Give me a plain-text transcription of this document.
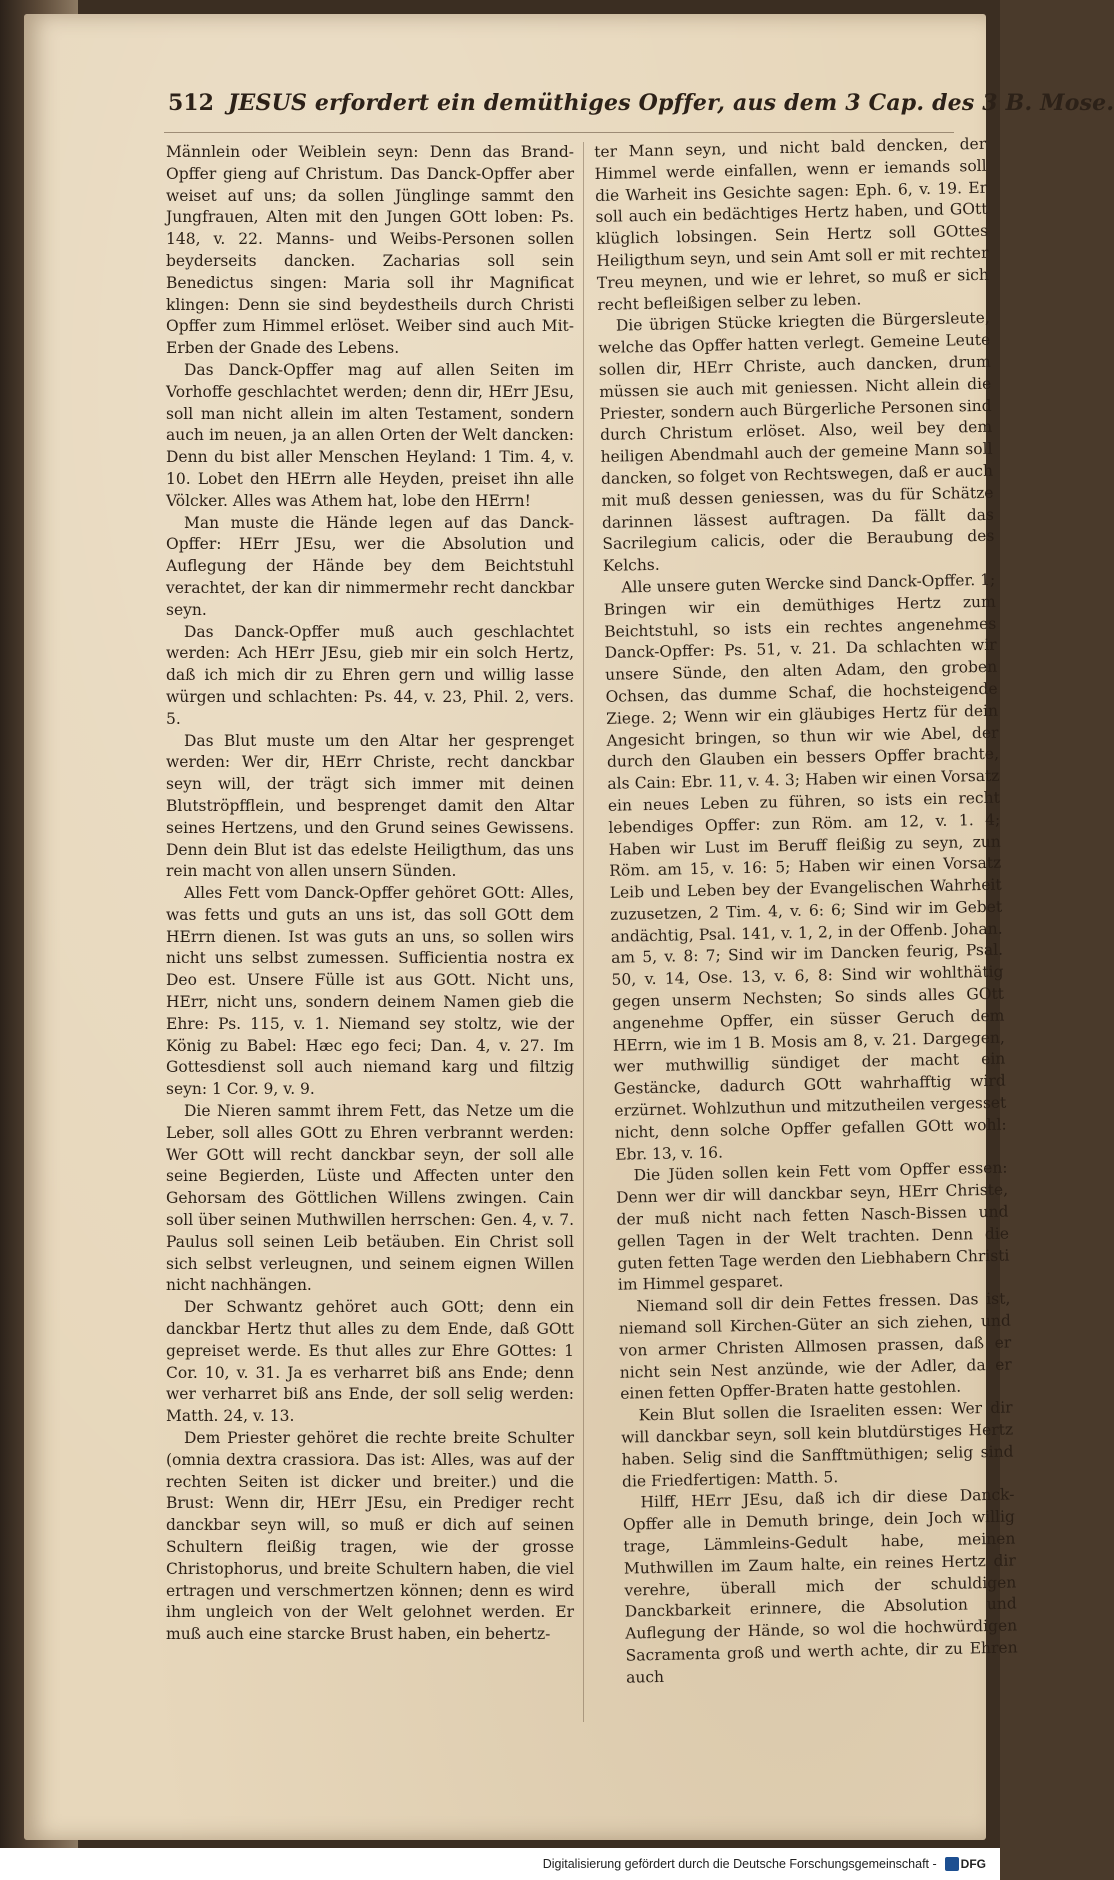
512 JESUS erfordert ein demüthiges Opffer, aus dem 3 Cap. des 3 B. Mose.

Männlein oder Weiblein seyn: Denn das Brand-Opffer gieng auf Christum. Das Danck-Opffer aber weiset auf uns; da sollen Jünglinge sammt den Jungfrauen, Alten mit den Jungen GOtt loben: Ps. 148, v. 22. Manns- und Weibs-Personen sollen beyderseits dancken. Zacharias soll sein Benedictus singen: Maria soll ihr Magnificat klingen: Denn sie sind beydestheils durch Christi Opffer zum Himmel erlöset. Weiber sind auch Mit-Erben der Gnade des Lebens.

Das Danck-Opffer mag auf allen Seiten im Vorhoffe geschlachtet werden; denn dir, HErr JEsu, soll man nicht allein im alten Testament, sondern auch im neuen, ja an allen Orten der Welt dancken: Denn du bist aller Menschen Heyland: 1 Tim. 4, v. 10. Lobet den HErrn alle Heyden, preiset ihn alle Völcker. Alles was Athem hat, lobe den HErrn!

Man muste die Hände legen auf das Danck-Opffer: HErr JEsu, wer die Absolution und Auflegung der Hände bey dem Beichtstuhl verachtet, der kan dir nimmermehr recht danckbar seyn.

Das Danck-Opffer muß auch geschlachtet werden: Ach HErr JEsu, gieb mir ein solch Hertz, daß ich mich dir zu Ehren gern und willig lasse würgen und schlachten: Ps. 44, v. 23, Phil. 2, vers. 5.

Das Blut muste um den Altar her gesprenget werden: Wer dir, HErr Christe, recht danckbar seyn will, der trägt sich immer mit deinen Blutströpfflein, und besprenget damit den Altar seines Hertzens, und den Grund seines Gewissens. Denn dein Blut ist das edelste Heiligthum, das uns rein macht von allen unsern Sünden.

Alles Fett vom Danck-Opffer gehöret GOtt: Alles, was fetts und guts an uns ist, das soll GOtt dem HErrn dienen. Ist was guts an uns, so sollen wirs nicht uns selbst zumessen. Sufficientia nostra ex Deo est. Unsere Fülle ist aus GOtt. Nicht uns, HErr, nicht uns, sondern deinem Namen gieb die Ehre: Ps. 115, v. 1. Niemand sey stoltz, wie der König zu Babel: Hæc ego feci; Dan. 4, v. 27. Im Gottesdienst soll auch niemand karg und filtzig seyn: 1 Cor. 9, v. 9.

Die Nieren sammt ihrem Fett, das Netze um die Leber, soll alles GOtt zu Ehren verbrannt werden: Wer GOtt will recht danckbar seyn, der soll alle seine Begierden, Lüste und Affecten unter den Gehorsam des Göttlichen Willens zwingen. Cain soll über seinen Muthwillen herrschen: Gen. 4, v. 7. Paulus soll seinen Leib betäuben. Ein Christ soll sich selbst verleugnen, und seinem eignen Willen nicht nachhängen.

Der Schwantz gehöret auch GOtt; denn ein danckbar Hertz thut alles zu dem Ende, daß GOtt gepreiset werde. Es thut alles zur Ehre GOttes: 1 Cor. 10, v. 31. Ja es verharret biß ans Ende; denn wer verharret biß ans Ende, der soll selig werden: Matth. 24, v. 13.

Dem Priester gehöret die rechte breite Schulter (omnia dextra crassiora. Das ist: Alles, was auf der rechten Seiten ist dicker und breiter.) und die Brust: Wenn dir, HErr JEsu, ein Prediger recht danckbar seyn will, so muß er dich auf seinen Schultern fleißig tragen, wie der grosse Christophorus, und breite Schultern haben, die viel ertragen und verschmertzen können; denn es wird ihm ungleich von der Welt gelohnet werden. Er muß auch eine starcke Brust haben, ein behertz-

ter Mann seyn, und nicht bald dencken, der Himmel werde einfallen, wenn er iemands soll die Warheit ins Gesichte sagen: Eph. 6, v. 19. Er soll auch ein bedächtiges Hertz haben, und GOtt klüglich lobsingen. Sein Hertz soll GOttes Heiligthum seyn, und sein Amt soll er mit rechter Treu meynen, und wie er lehret, so muß er sich recht befleißigen selber zu leben.

Die übrigen Stücke kriegten die Bürgersleute, welche das Opffer hatten verlegt. Gemeine Leute sollen dir, HErr Christe, auch dancken, drum müssen sie auch mit geniessen. Nicht allein die Priester, sondern auch Bürgerliche Personen sind durch Christum erlöset. Also, weil bey dem heiligen Abendmahl auch der gemeine Mann soll dancken, so folget von Rechtswegen, daß er auch mit muß dessen geniessen, was du für Schätze darinnen lässest auftragen. Da fällt das Sacrilegium calicis, oder die Beraubung des Kelchs.

Alle unsere guten Wercke sind Danck-Opffer. 1; Bringen wir ein demüthiges Hertz zum Beichtstuhl, so ists ein rechtes angenehmes Danck-Opffer: Ps. 51, v. 21. Da schlachten wir unsere Sünde, den alten Adam, den groben Ochsen, das dumme Schaf, die hochsteigende Ziege. 2; Wenn wir ein gläubiges Hertz für dein Angesicht bringen, so thun wir wie Abel, der durch den Glauben ein bessers Opffer brachte, als Cain: Ebr. 11, v. 4. 3; Haben wir einen Vorsatz ein neues Leben zu führen, so ists ein recht lebendiges Opffer: zun Röm. am 12, v. 1. 4; Haben wir Lust im Beruff fleißig zu seyn, zun Röm. am 15, v. 16: 5; Haben wir einen Vorsatz Leib und Leben bey der Evangelischen Wahrheit zuzusetzen, 2 Tim. 4, v. 6: 6; Sind wir im Gebet andächtig, Psal. 141, v. 1, 2, in der Offenb. Johan. am 5, v. 8: 7; Sind wir im Dancken feurig, Psal. 50, v. 14, Ose. 13, v. 6, 8: Sind wir wohlthätig gegen unserm Nechsten; So sinds alles GOtt angenehme Opffer, ein süsser Geruch dem HErrn, wie im 1 B. Mosis am 8, v. 21. Dargegen, wer muthwillig sündiget der macht ein Gestäncke, dadurch GOtt wahrhafftig wird erzürnet. Wohlzuthun und mitzutheilen vergesset nicht, denn solche Opffer gefallen GOtt wohl: Ebr. 13, v. 16.

Die Jüden sollen kein Fett vom Opffer essen: Denn wer dir will danckbar seyn, HErr Christe, der muß nicht nach fetten Nasch-Bissen und gellen Tagen in der Welt trachten. Denn die guten fetten Tage werden den Liebhabern Christi im Himmel gesparet.

Niemand soll dir dein Fettes fressen. Das ist, niemand soll Kirchen-Güter an sich ziehen, und von armer Christen Allmosen prassen, daß er nicht sein Nest anzünde, wie der Adler, da er einen fetten Opffer-Braten hatte gestohlen.

Kein Blut sollen die Israeliten essen: Wer dir will danckbar seyn, soll kein blutdürstiges Hertz haben. Selig sind die Sanfftmüthigen; selig sind die Friedfertigen: Matth. 5.

Hilff, HErr JEsu, daß ich dir diese Danck-Opffer alle in Demuth bringe, dein Joch willig trage, Lämmleins-Gedult habe, meinen Muthwillen im Zaum halte, ein reines Hertz dir verehre, überall mich der schuldigen Danckbarkeit erinnere, die Absolution und Auflegung der Hände, so wol die hochwürdigen Sacramenta groß und werth achte, dir zu Ehren auch

Digitalisierung gefördert durch die Deutsche Forschungsgemeinschaft - DFG
